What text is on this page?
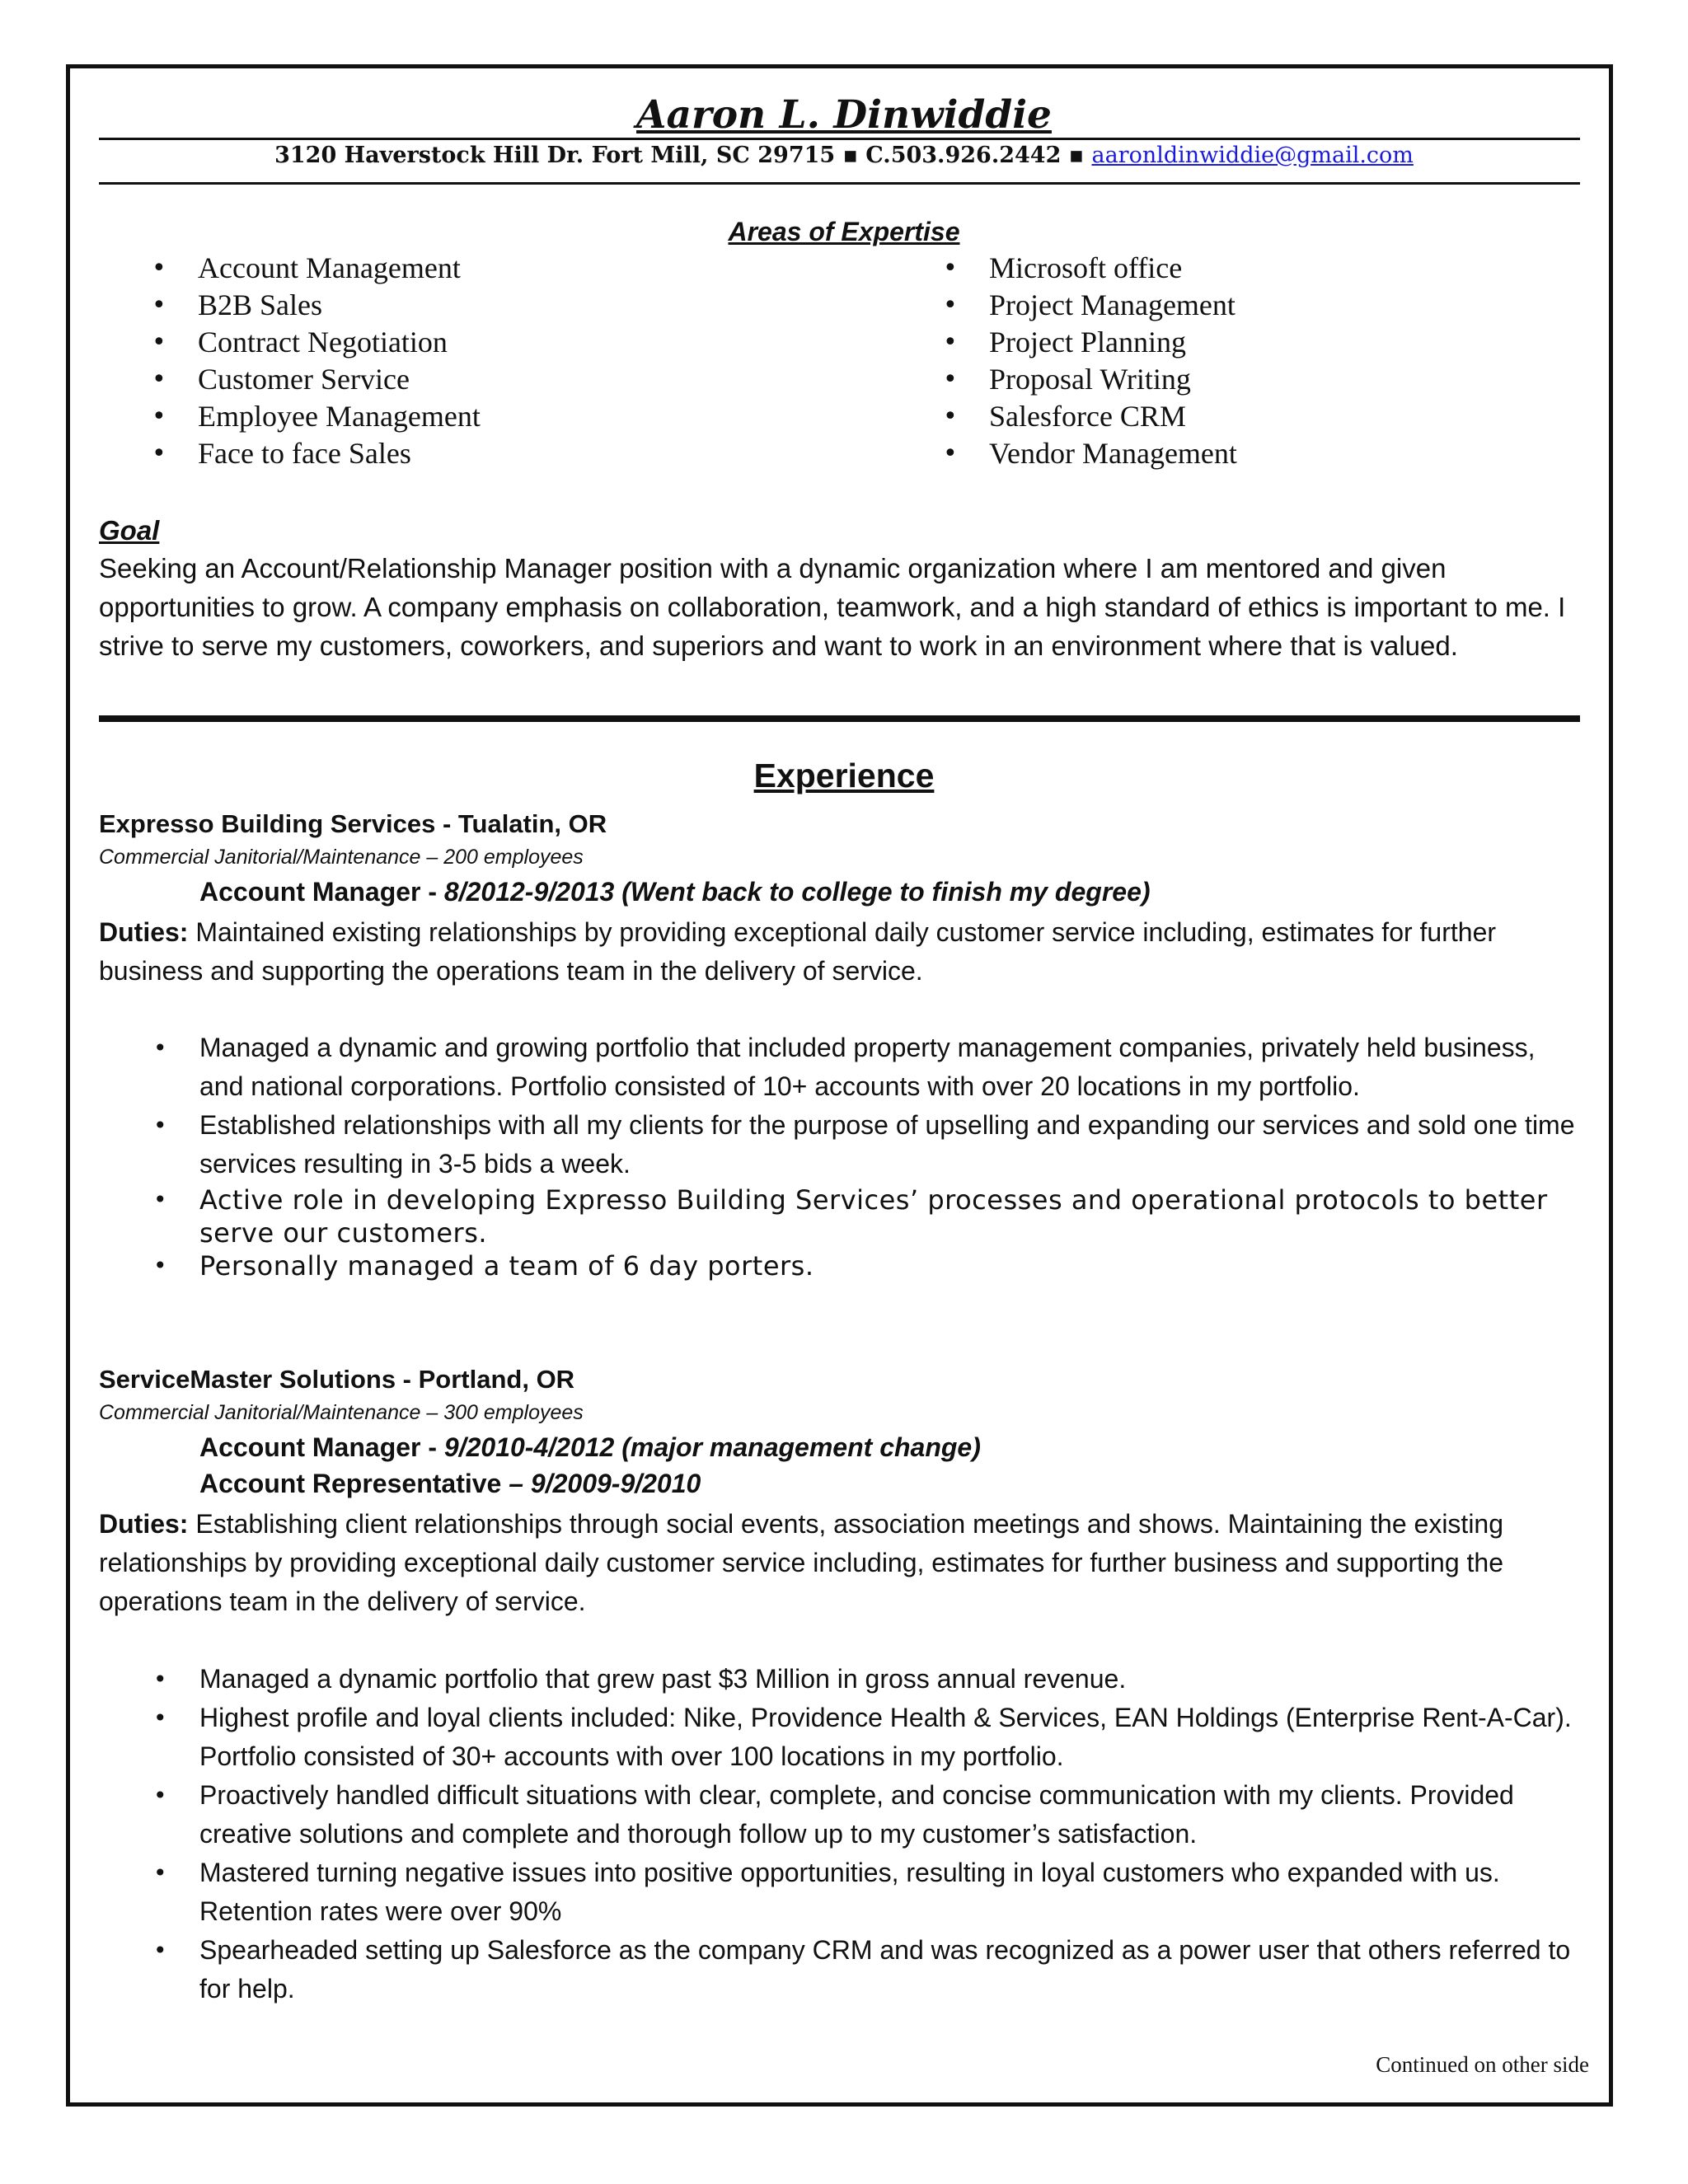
Aaron L. Dinwiddie
3120 Haverstock Hill Dr. Fort Mill, SC 29715 ▪ C.503.926.2442 ▪ aaronldinwiddie@gmail.com
Areas of Expertise
• Account Management
• B2B Sales
• Contract Negotiation
• Customer Service
• Employee Management
• Face to face Sales
• Microsoft office
• Project Management
• Project Planning
• Proposal Writing
• Salesforce CRM
• Vendor Management
Goal
Seeking an Account/Relationship Manager position with a dynamic organization where I am mentored and given opportunities to grow. A company emphasis on collaboration, teamwork, and a high standard of ethics is important to me. I strive to serve my customers, coworkers, and superiors and want to work in an environment where that is valued.
Experience
Expresso Building Services - Tualatin, OR
Commercial Janitorial/Maintenance – 200 employees
Account Manager - 8/2012-9/2013 (Went back to college to finish my degree)
Duties: Maintained existing relationships by providing exceptional daily customer service including, estimates for further business and supporting the operations team in the delivery of service.
• Managed a dynamic and growing portfolio that included property management companies, privately held business, and national corporations. Portfolio consisted of 10+ accounts with over 20 locations in my portfolio.
• Established relationships with all my clients for the purpose of upselling and expanding our services and sold one time services resulting in 3-5 bids a week.
• Active role in developing Expresso Building Services’ processes and operational protocols to better serve our customers.
• Personally managed a team of 6 day porters.
ServiceMaster Solutions - Portland, OR
Commercial Janitorial/Maintenance – 300 employees
Account Manager - 9/2010-4/2012 (major management change)
Account Representative – 9/2009-9/2010
Duties: Establishing client relationships through social events, association meetings and shows. Maintaining the existing relationships by providing exceptional daily customer service including, estimates for further business and supporting the operations team in the delivery of service.
• Managed a dynamic portfolio that grew past $3 Million in gross annual revenue.
• Highest profile and loyal clients included: Nike, Providence Health & Services, EAN Holdings (Enterprise Rent-A-Car). Portfolio consisted of 30+ accounts with over 100 locations in my portfolio.
• Proactively handled difficult situations with clear, complete, and concise communication with my clients. Provided creative solutions and complete and thorough follow up to my customer’s satisfaction.
• Mastered turning negative issues into positive opportunities, resulting in loyal customers who expanded with us. Retention rates were over 90%
• Spearheaded setting up Salesforce as the company CRM and was recognized as a power user that others referred to for help.
Continued on other side
